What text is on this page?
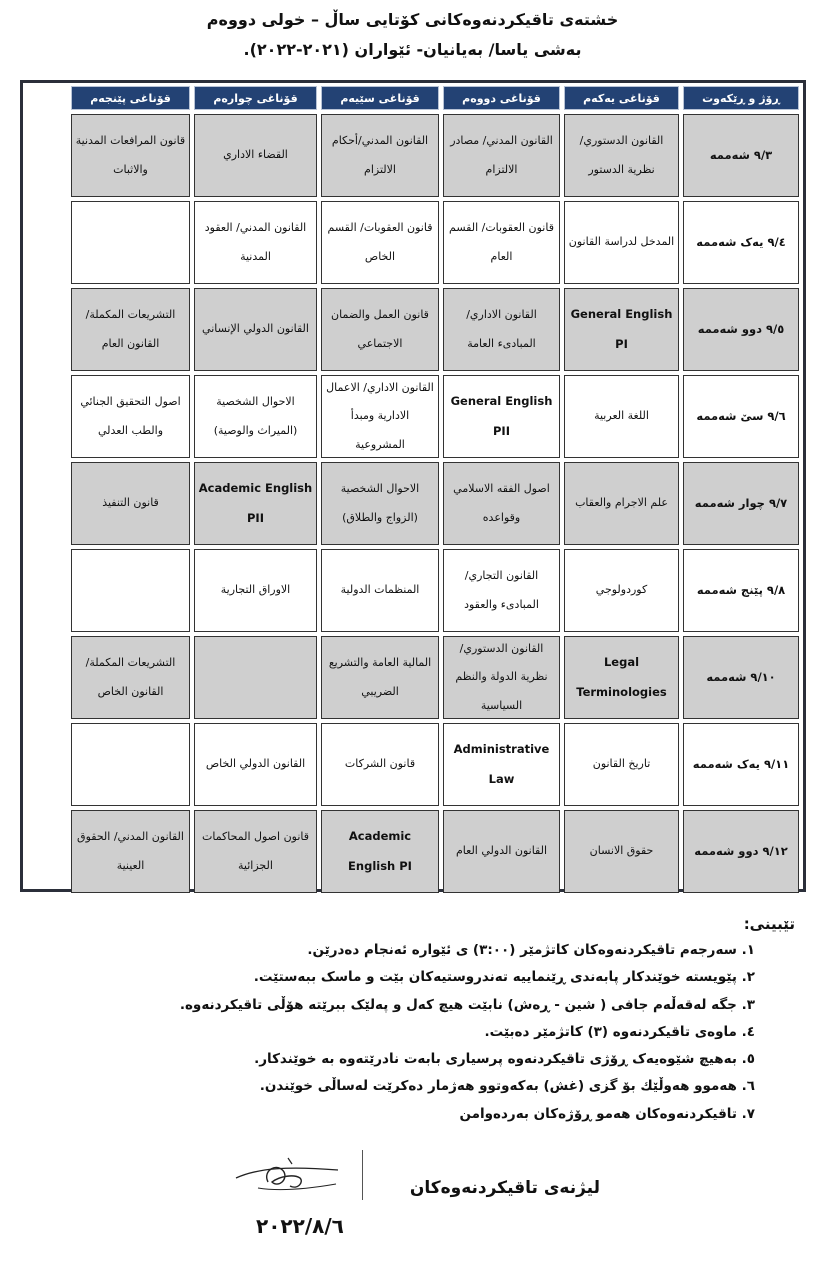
خشتەی تاقیکردنەوەکانی کۆتایی ساڵ – خولی دووەم
بەشی یاسا/ بەیانیان- ئێواران (٢٠٢١-٢٠٢٢).
ڕۆژ و ڕێکەوت
قۆناغی یەکەم
قۆناغی دووەم
قۆناغی سێیەم
قۆناغی چوارەم
قۆناغی پێنجەم
٩/٣ شەممە
القانون الدستوري/ نظرية الدستور
القانون المدني/ مصادر الالتزام
القانون المدني/أحكام الالتزام
القضاء الاداري
قانون المرافعات المدنية والاثبات
٩/٤ یەک شەممە
المدخل لدراسة القانون
قانون العقوبات/ القسم العام
قانون العقوبات/ القسم الخاص
القانون المدني/ العقود المدنية
٩/٥ دوو شەممە
General English PI
القانون الاداري/ المبادىء العامة
قانون العمل والضمان الاجتماعي
القانون الدولي الإنساني
التشريعات المكملة/ القانون العام
٩/٦ سێ شەممە
اللغة العربية
General English PII
القانون الاداري/ الاعمال الادارية ومبدأ المشروعية
الاحوال الشخصية (الميراث والوصية)
اصول التحقيق الجنائي والطب العدلي
٩/٧ چوار شەممە
علم الاجرام والعقاب
اصول الفقه الاسلامي وقواعده
الاحوال الشخصية (الزواج والطلاق)
Academic English PII
قانون التنفيذ
٩/٨ پێنج شەممە
كوردولوجي
القانون التجاري/ المبادىء والعقود
المنظمات الدولية
الاوراق التجارية
٩/١٠ شەممە
Legal Terminologies
القانون الدستوري/نظرية الدولة والنظم السياسية
المالية العامة والتشريع الضريبي
التشريعات المكملة/ القانون الخاص
٩/١١ یەک شەممە
تاريخ القانون
Administrative Law
قانون الشركات
القانون الدولي الخاص
٩/١٢ دوو شەممە
حقوق الانسان
القانون الدولي العام
Academic English PI
قانون اصول المحاكمات الجزائية
القانون المدني/ الحقوق العينية
تێبینی:
١. سەرجەم تاقیکردنەوەکان کاتژمێر (٣:٠٠) ی ئێوارە ئەنجام دەدرێن.
٢. پێویستە خوێندکار پابەندی ڕێنماییە تەندروستیەکان بێت و ماسک ببەستێت.
٣. جگە لەقەڵەم جافی ( شین - ڕەش) نابێت هیچ کەل و پەلێک ببرێتە هۆڵی تاقیکردنەوە.
٤. ماوەی تاقیکردنەوە (٣) کاتژمێر دەبێت.
٥. بەهیچ شێوەیەک ڕۆژی تاقیکردنەوە پرسیاری بابەت نادرێتەوە بە خوێندکار.
٦. هەموو هەوڵێك بۆ گزی (غش) بەکەوتوو هەژمار دەکرێت لەساڵی خوێندن.
٧. تاقیکردنەوەکان هەمو ڕۆژەکان بەردەوامن
لیژنەی تاقیکردنەوەکان
٢٠٢٢/٨/٦
